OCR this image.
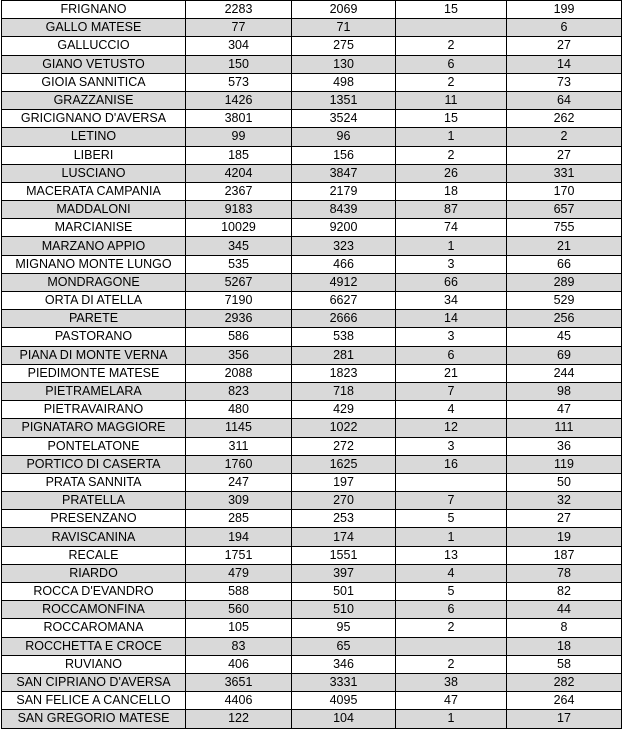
FRIGNANO	2283	2069	15	199
GALLO MATESE	77	71		6
GALLUCCIO	304	275	2	27
GIANO VETUSTO	150	130	6	14
GIOIA SANNITICA	573	498	2	73
GRAZZANISE	1426	1351	11	64
GRICIGNANO D'AVERSA	3801	3524	15	262
LETINO	99	96	1	2
LIBERI	185	156	2	27
LUSCIANO	4204	3847	26	331
MACERATA CAMPANIA	2367	2179	18	170
MADDALONI	9183	8439	87	657
MARCIANISE	10029	9200	74	755
MARZANO APPIO	345	323	1	21
MIGNANO MONTE LUNGO	535	466	3	66
MONDRAGONE	5267	4912	66	289
ORTA DI ATELLA	7190	6627	34	529
PARETE	2936	2666	14	256
PASTORANO	586	538	3	45
PIANA DI MONTE VERNA	356	281	6	69
PIEDIMONTE MATESE	2088	1823	21	244
PIETRAMELARA	823	718	7	98
PIETRAVAIRANO	480	429	4	47
PIGNATARO MAGGIORE	1145	1022	12	111
PONTELATONE	311	272	3	36
PORTICO DI CASERTA	1760	1625	16	119
PRATA SANNITA	247	197		50
PRATELLA	309	270	7	32
PRESENZANO	285	253	5	27
RAVISCANINA	194	174	1	19
RECALE	1751	1551	13	187
RIARDO	479	397	4	78
ROCCA D'EVANDRO	588	501	5	82
ROCCAMONFINA	560	510	6	44
ROCCAROMANA	105	95	2	8
ROCCHETTA E CROCE	83	65		18
RUVIANO	406	346	2	58
SAN CIPRIANO D'AVERSA	3651	3331	38	282
SAN FELICE A CANCELLO	4406	4095	47	264
SAN GREGORIO MATESE	122	104	1	17
